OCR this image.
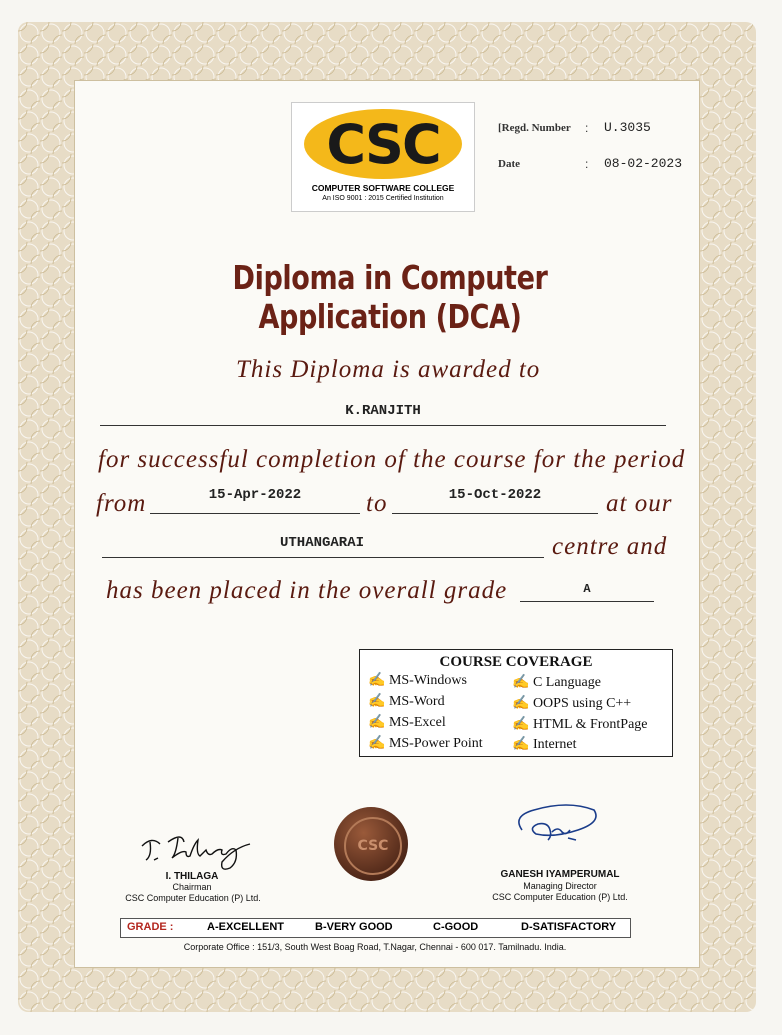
CSC
COMPUTER SOFTWARE COLLEGE
An ISO 9001 : 2015 Certified Institution
[Regd. Number : U.3035
Date	: 08-02-2023
Diploma in Computer Application (DCA)
This Diploma is awarded to
K.RANJITH
for successful completion of the course for the period
from	15-Apr-2022	to	15-Oct-2022	at our
UTHANGARAI	centre and
has been placed in the overall grade	A
COURSE COVERAGE
✍ MS-Windows
✍ MS-Word
✍ MS-Excel
✍ MS-Power Point
✍ C Language
✍ OOPS using C++
✍ HTML & FrontPage
✍ Internet
I. THILAGA
Chairman
CSC Computer Education (P) Ltd.
CSC
GANESH IYAMPERUMAL
Managing Director
CSC Computer Education (P) Ltd.
GRADE :	A-EXCELLENT	B-VERY GOOD	C-GOOD	D-SATISFACTORY
Corporate Office : 151/3, South West Boag Road, T.Nagar, Chennai - 600 017. Tamilnadu. India.
